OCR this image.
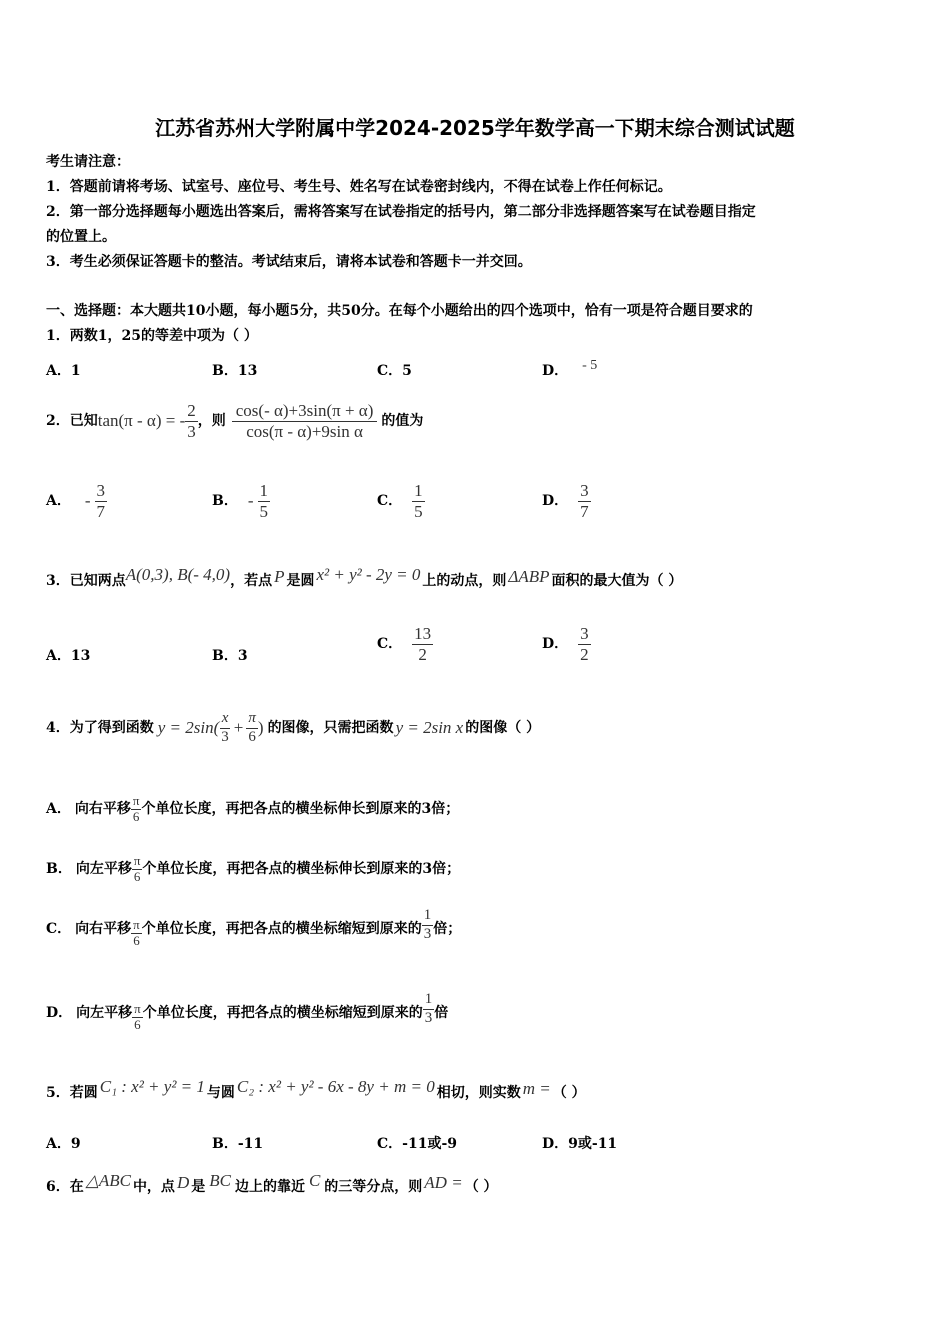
江苏省苏州大学附属中学2024-2025学年数学高一下期末综合测试试题
考生请注意：
1．答题前请将考场、试室号、座位号、考生号、姓名写在试卷密封线内，不得在试卷上作任何标记。
2．第一部分选择题每小题选出答案后，需将答案写在试卷指定的括号内，第二部分非选择题答案写在试卷题目指定
的位置上。
3．考生必须保证答题卡的整洁。考试结束后，请将本试卷和答题卡一并交回。
一、选择题：本大题共10小题，每小题5分，共50分。在每个小题给出的四个选项中，恰有一项是符合题目要求的
1．两数1，25的等差中项为（ ）
A．1	B．13	C．5	D． - 5
2．已知 tan(π - α) = - $\frac{2}{3}$ ，则 $\frac{\cos(- \alpha)+3\sin(\pi + \alpha)}{\text{cos(π - α)+9sin α}}$ 的值为
A． - $\frac{3}{7}$	B． - $\frac{1}{5}$	C． $\frac{1}{5}$	D． $\frac{3}{7}$
3．已知两点 A(0,3), B(- 4,0) ，若点 P 是圆 x² + y² - 2y = 0 上的动点，则 ΔABP 面积的最大值为（ ）
A．13	B．3
C． $\frac{13}{2}$	D． $\frac{3}{2}$
4．为了得到函数 $y = 2\sin( \frac{x}{3} + \frac{\pi}{6}$ ) 的图像，只需把函数 y = 2sin x 的图像（ ）
A． 向右平移 $\frac{\pi}{6}$ 个单位长度，再把各点的横坐标伸长到原来的3倍；
B． 向左平移 $\frac{\pi}{6}$ 个单位长度，再把各点的横坐标伸长到原来的3倍；
C． 向右平移 $\frac{\pi}{6}$ 个单位长度，再把各点的横坐标缩短到原来的 $\frac{1}{3}$ 倍；
D． 向左平移 $\frac{\pi}{6}$ 个单位长度，再把各点的横坐标缩短到原来的 $\frac{1}{3}$ 倍
5．若圆 C₁ : x² + y² = 1 与圆 C₂ : x² + y² - 6x - 8y + m = 0 相切，则实数 m = （ ）
A．9	B．-11	C．-11或-9	D．9或-11
6．在 △ABC 中，点 D 是 BC 边上的靠近 C 的三等分点，则 AD = （ ）
